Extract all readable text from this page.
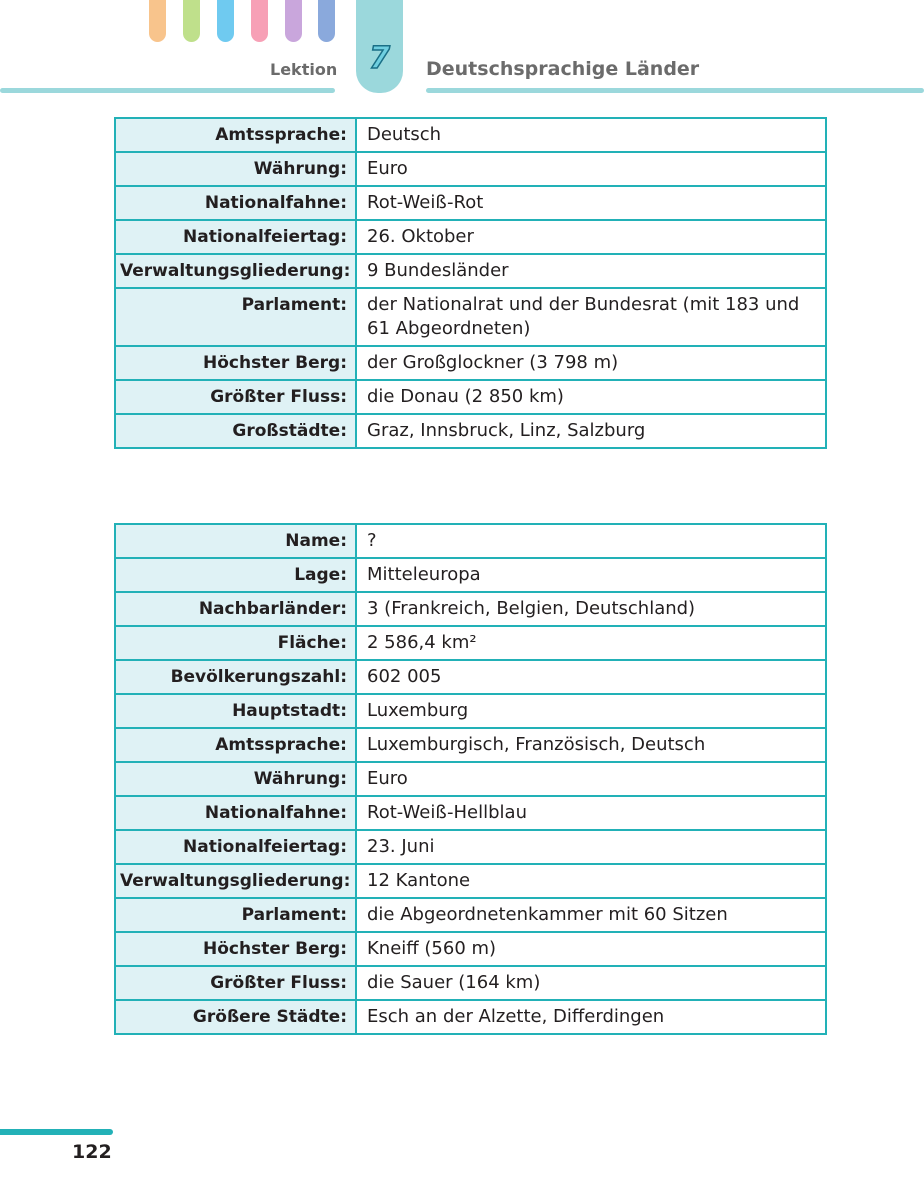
Lektion	7	Deutschsprachige Länder
Amtssprache:	Deutsch
Währung:	Euro
Nationalfahne:	Rot-Weiß-Rot
Nationalfeiertag:	26. Oktober
Verwaltungsgliederung:	9 Bundesländer
Parlament:	der Nationalrat und der Bundesrat (mit 183 und 61 Abgeordneten)
Höchster Berg:	der Großglockner (3 798 m)
Größter Fluss:	die Donau (2 850 km)
Großstädte:	Graz, Innsbruck, Linz, Salzburg
Name:	?
Lage:	Mitteleuropa
Nachbarländer:	3 (Frankreich, Belgien, Deutschland)
Fläche:	2 586,4 km²
Bevölkerungszahl:	602 005
Hauptstadt:	Luxemburg
Amtssprache:	Luxemburgisch, Französisch, Deutsch
Währung:	Euro
Nationalfahne:	Rot-Weiß-Hellblau
Nationalfeiertag:	23. Juni
Verwaltungsgliederung:	12 Kantone
Parlament:	die Abgeordnetenkammer mit 60 Sitzen
Höchster Berg:	Kneiff (560 m)
Größter Fluss:	die Sauer (164 km)
Größere Städte:	Esch an der Alzette, Differdingen
122
